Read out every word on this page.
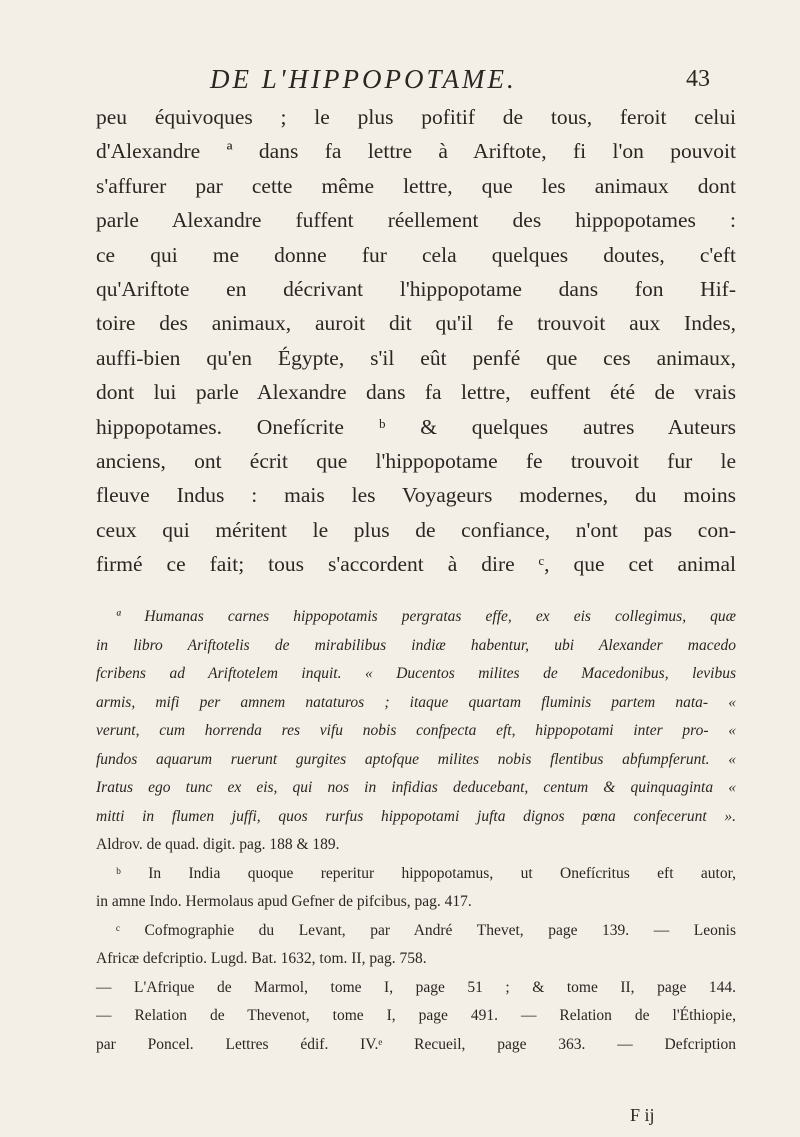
DE L'HIPPOPOTAME.	43
peu équivoques ; le plus pofitif de tous, feroit celui
d'Alexandre ª dans fa lettre à Ariftote, fi l'on pouvoit
s'affurer par cette même lettre, que les animaux dont
parle Alexandre fuffent réellement des hippopotames :
ce qui me donne fur cela quelques doutes, c'eft
qu'Ariftote en décrivant l'hippopotame dans fon Hif-
toire des animaux, auroit dit qu'il fe trouvoit aux Indes,
auffi-bien qu'en Égypte, s'il eût penfé que ces animaux,
dont lui parle Alexandre dans fa lettre, euffent été de vrais
hippopotames. Onefícrite ᵇ & quelques autres Auteurs
anciens, ont écrit que l'hippopotame fe trouvoit fur le
fleuve Indus : mais les Voyageurs modernes, du moins
ceux qui méritent le plus de confiance, n'ont pas con-
firmé ce fait; tous s'accordent à dire ᶜ, que cet animal
ª Humanas carnes hippopotamis pergratas effe, ex eis collegimus, quæ
in libro Ariftotelis de mirabilibus indiæ habentur, ubi Alexander macedo
fcribens ad Ariftotelem inquit. « Ducentos milites de Macedonibus, levibus
armis, mifi per amnem nataturos ; itaque quartam fluminis partem nata- «
verunt, cum horrenda res vifu nobis confpecta eft, hippopotami inter pro- «
fundos aquarum ruerunt gurgites aptofque milites nobis flentibus abfumpferunt. «
Iratus ego tunc ex eis, qui nos in infidias deducebant, centum & quinquaginta «
mitti in flumen juffi, quos rurfus hippopotami jufta dignos pœna confecerunt ».
Aldrov. de quad. digit. pag. 188 & 189.
ᵇ In India quoque reperitur hippopotamus, ut Onefícritus eft autor,
in amne Indo. Hermolaus apud Gefner de pifcibus, pag. 417.
ᶜ Cofmographie du Levant, par André Thevet, page 139. — Leonis
Africæ defcriptio. Lugd. Bat. 1632, tom. II, pag. 758.
— L'Afrique de Marmol, tome I, page 51 ; & tome II, page 144.
— Relation de Thevenot, tome I, page 491. — Relation de l'Éthiopie,
par Poncel. Lettres édif. IV.ᵉ Recueil, page 363. — Defcription
F ij
